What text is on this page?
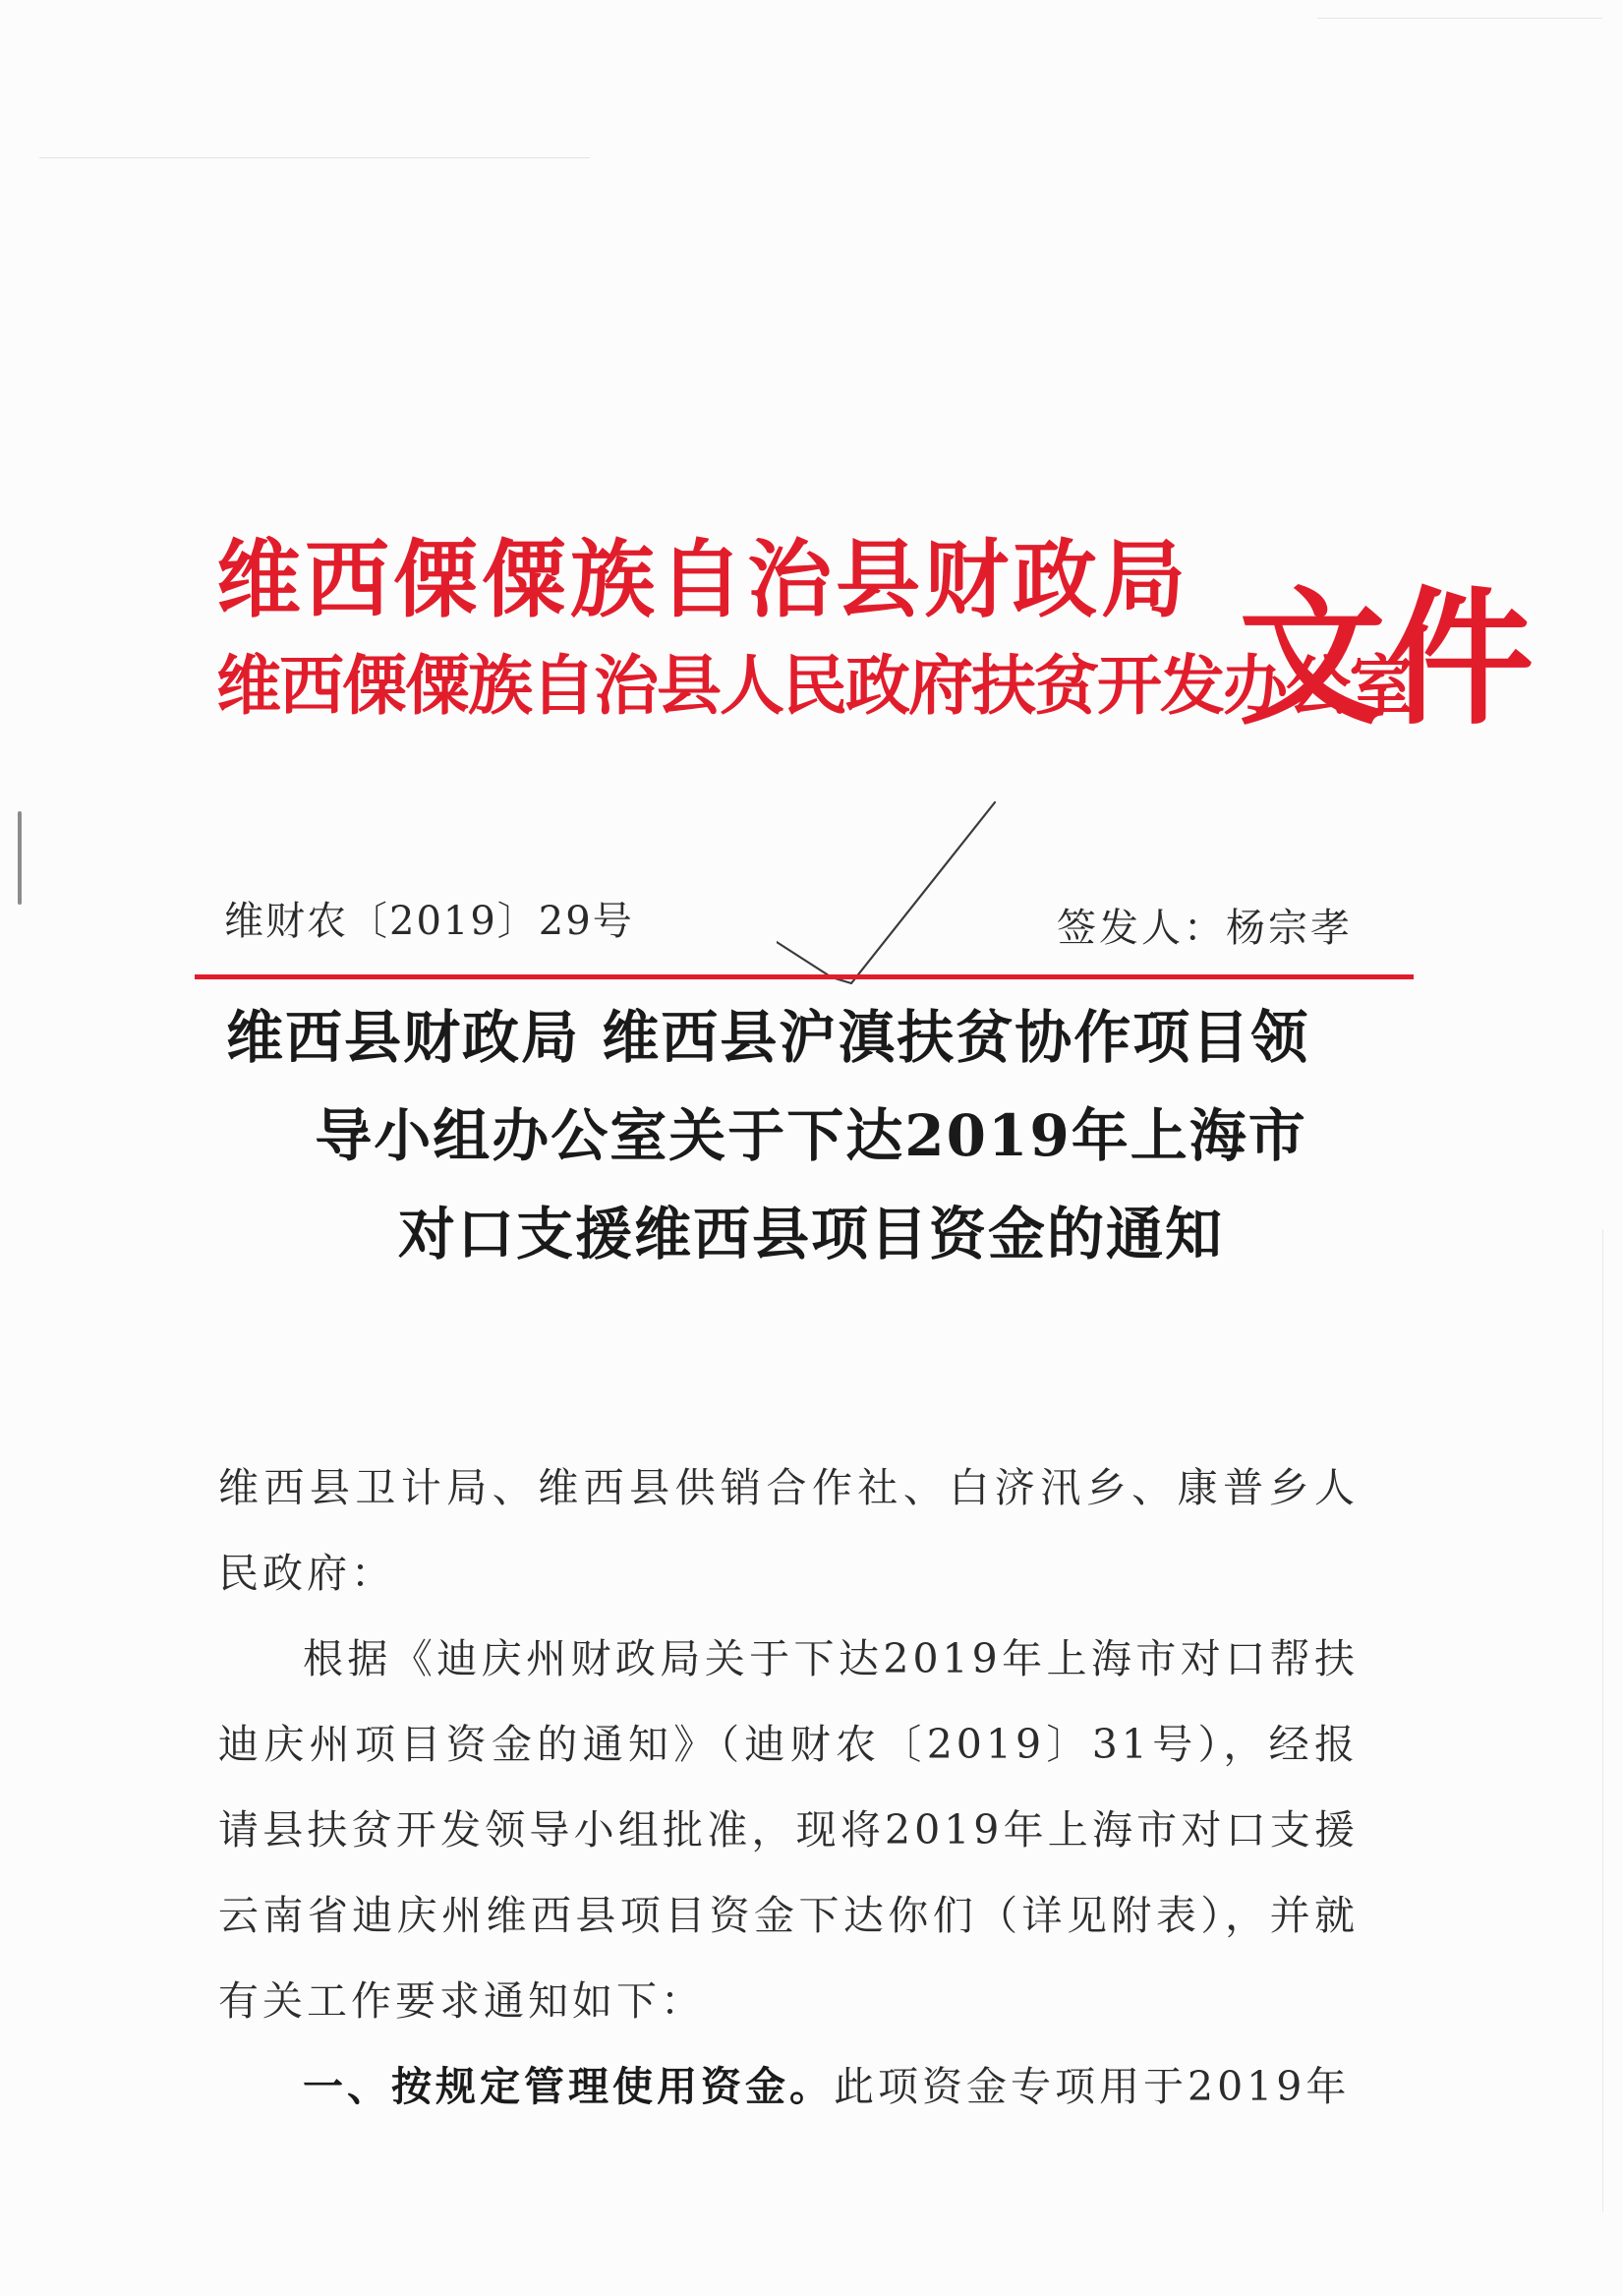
维西傈僳族自治县财政局
维西傈僳族自治县人民政府扶贫开发办公室
文件
维财农〔2019〕29号	签发人：杨宗孝
维西县财政局 维西县沪滇扶贫协作项目领
导小组办公室关于下达2019年上海市
对口支援维西县项目资金的通知

维西县卫计局、维西县供销合作社、白济汛乡、康普乡人民政府：

根据《迪庆州财政局关于下达2019年上海市对口帮扶迪庆州项目资金的通知》（迪财农〔2019〕31号），经报请县扶贫开发领导小组批准，现将2019年上海市对口支援云南省迪庆州维西县项目资金下达你们（详见附表），并就有关工作要求通知如下：

一、按规定管理使用资金。此项资金专项用于2019年
